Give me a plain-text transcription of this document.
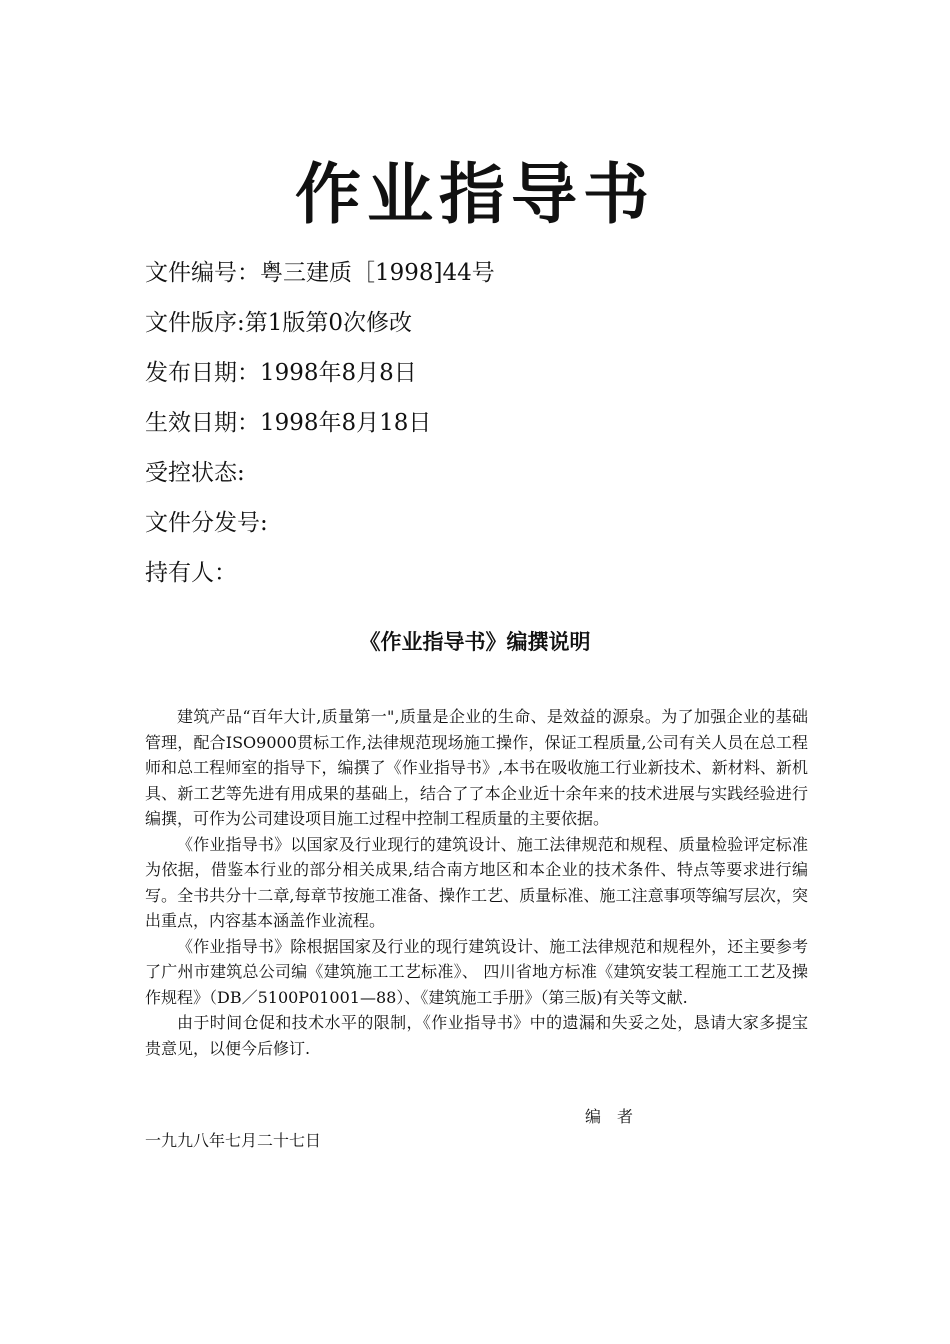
作业指导书
文件编号：粤三建质［1998]44号
文件版序:第1版第0次修改
发布日期：1998年8月8日
生效日期：1998年8月18日
受控状态:
文件分发号:
持有人：
《作业指导书》编撰说明

建筑产品“百年大计,质量第一",质量是企业的生命、是效益的源泉。为了加强企业的基础管理，配合ISO9000贯标工作,法律规范现场施工操作，保证工程质量,公司有关人员在总工程师和总工程师室的指导下，编撰了《作业指导书》,本书在吸收施工行业新技术、新材料、新机具、新工艺等先进有用成果的基础上，结合了了本企业近十余年来的技术进展与实践经验进行编撰，可作为公司建设项目施工过程中控制工程质量的主要依据。

《作业指导书》以国家及行业现行的建筑设计、施工法律规范和规程、质量检验评定标准为依据，借鉴本行业的部分相关成果,结合南方地区和本企业的技术条件、特点等要求进行编写。全书共分十二章,每章节按施工准备、操作工艺、质量标准、施工注意事项等编写层次，突出重点，内容基本涵盖作业流程。

《作业指导书》除根据国家及行业的现行建筑设计、施工法律规范和规程外，还主要参考了广州市建筑总公司编《建筑施工工艺标准》、 四川省地方标准《建筑安装工程施工工艺及操作规程》（DB／5100P01001—88）、《建筑施工手册》（第三版)有关等文献.

由于时间仓促和技术水平的限制，《作业指导书》中的遗漏和失妥之处，恳请大家多提宝贵意见，以便今后修订.

编　者
一九九八年七月二十七日
